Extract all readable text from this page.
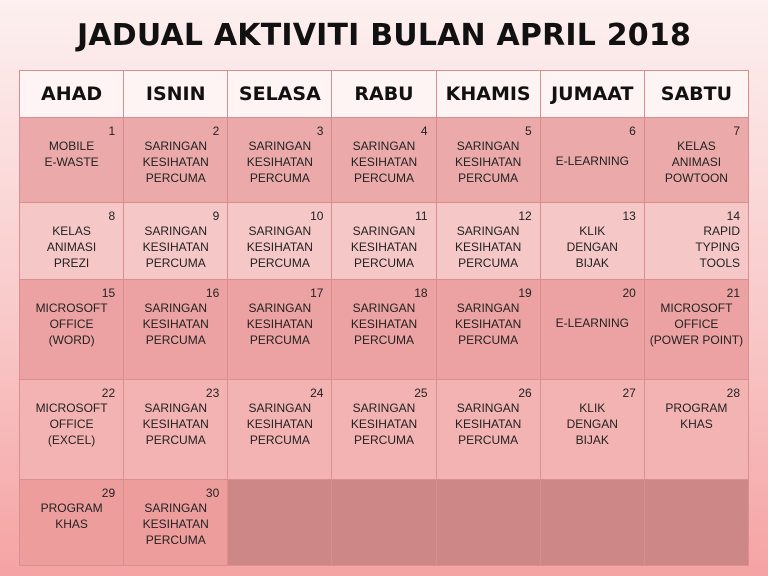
JADUAL AKTIVITI BULAN APRIL 2018
AHAD	ISNIN	SELASA	RABU	KHAMIS	JUMAAT	SABTU

1
MOBILE
E-WASTE	2
SARINGAN
KESIHATAN
PERCUMA	3
SARINGAN
KESIHATAN
PERCUMA	4
SARINGAN
KESIHATAN
PERCUMA	5
SARINGAN
KESIHATAN
PERCUMA	6
E-LEARNING	7
KELAS
ANIMASI
POWTOON

8
KELAS
ANIMASI
PREZI	9
SARINGAN
KESIHATAN
PERCUMA	10
SARINGAN
KESIHATAN
PERCUMA	11
SARINGAN
KESIHATAN
PERCUMA	12
SARINGAN
KESIHATAN
PERCUMA	13
KLIK
DENGAN
BIJAK	14
RAPID
TYPING
TOOLS

15
MICROSOFT
OFFICE
(WORD)	16
SARINGAN
KESIHATAN
PERCUMA	17
SARINGAN
KESIHATAN
PERCUMA	18
SARINGAN
KESIHATAN
PERCUMA	19
SARINGAN
KESIHATAN
PERCUMA	20
E-LEARNING	21
MICROSOFT
OFFICE
(POWER POINT)

22
MICROSOFT
OFFICE
(EXCEL)	23
SARINGAN
KESIHATAN
PERCUMA	24
SARINGAN
KESIHATAN
PERCUMA	25
SARINGAN
KESIHATAN
PERCUMA	26
SARINGAN
KESIHATAN
PERCUMA	27
KLIK
DENGAN
BIJAK	28
PROGRAM
KHAS

29
PROGRAM
KHAS	30
SARINGAN
KESIHATAN
PERCUMA					
